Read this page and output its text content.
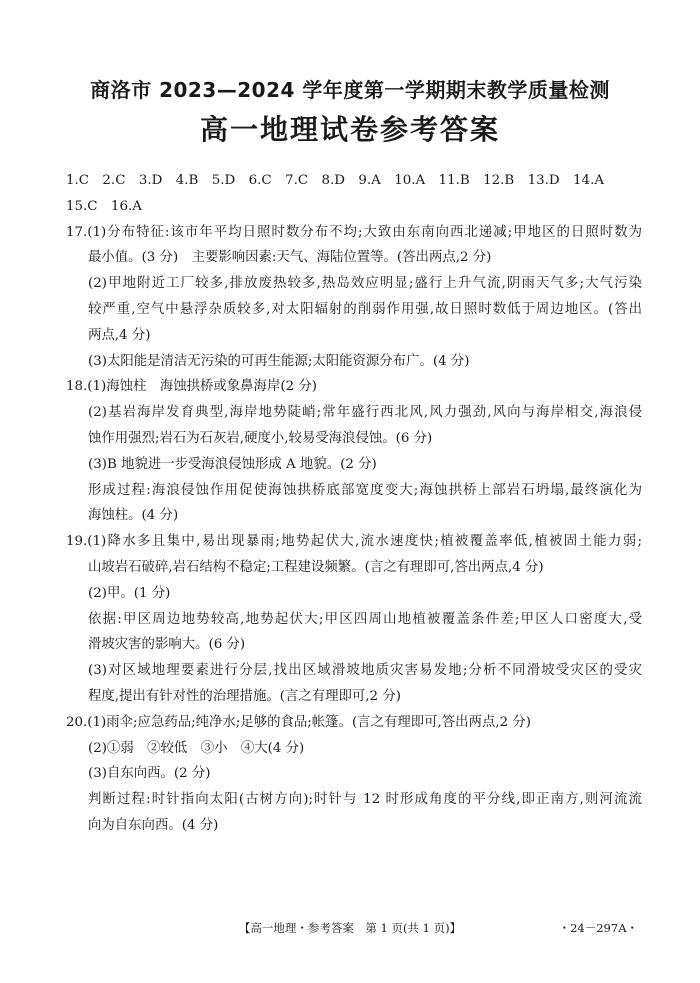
商洛市 2023—2024 学年度第一学期期末教学质量检测
高一地理试卷参考答案
1.C　2.C　3.D　4.B　5.D　6.C　7.C　8.D　9.A　10.A　11.B　12.B　13.D　14.A
15.C　16.A
17.(1)分布特征:该市年平均日照时数分布不均;大致由东南向西北递减;甲地区的日照时数为
最小值。(3 分)　主要影响因素:天气、海陆位置等。(答出两点,2 分)
(2)甲地附近工厂较多,排放废热较多,热岛效应明显;盛行上升气流,阴雨天气多;大气污染
较严重,空气中悬浮杂质较多,对太阳辐射的削弱作用强,故日照时数低于周边地区。(答出
两点,4 分)
(3)太阳能是清洁无污染的可再生能源;太阳能资源分布广。(4 分)
18.(1)海蚀柱　海蚀拱桥或象鼻海岸(2 分)
(2)基岩海岸发育典型,海岸地势陡峭;常年盛行西北风,风力强劲,风向与海岸相交,海浪侵
蚀作用强烈;岩石为石灰岩,硬度小,较易受海浪侵蚀。(6 分)
(3)B 地貌进一步受海浪侵蚀形成 A 地貌。(2 分)
形成过程:海浪侵蚀作用促使海蚀拱桥底部宽度变大;海蚀拱桥上部岩石坍塌,最终演化为
海蚀柱。(4 分)
19.(1)降水多且集中,易出现暴雨;地势起伏大,流水速度快;植被覆盖率低,植被固土能力弱;
山坡岩石破碎,岩石结构不稳定;工程建设频繁。(言之有理即可,答出两点,4 分)
(2)甲。(1 分)
依据:甲区周边地势较高,地势起伏大;甲区四周山地植被覆盖条件差;甲区人口密度大,受
滑坡灾害的影响大。(6 分)
(3)对区域地理要素进行分层,找出区域滑坡地质灾害易发地;分析不同滑坡受灾区的受灾
程度,提出有针对性的治理措施。(言之有理即可,2 分)
20.(1)雨伞;应急药品;纯净水;足够的食品;帐篷。(言之有理即可,答出两点,2 分)
(2)①弱　②较低　③小　④大(4 分)
(3)自东向西。(2 分)
判断过程:时针指向太阳(古树方向);时针与 12 时形成角度的平分线,即正南方,则河流流
向为自东向西。(4 分)
【高一地理・参考答案　第 1 页(共 1 页)】	・24－297A・
